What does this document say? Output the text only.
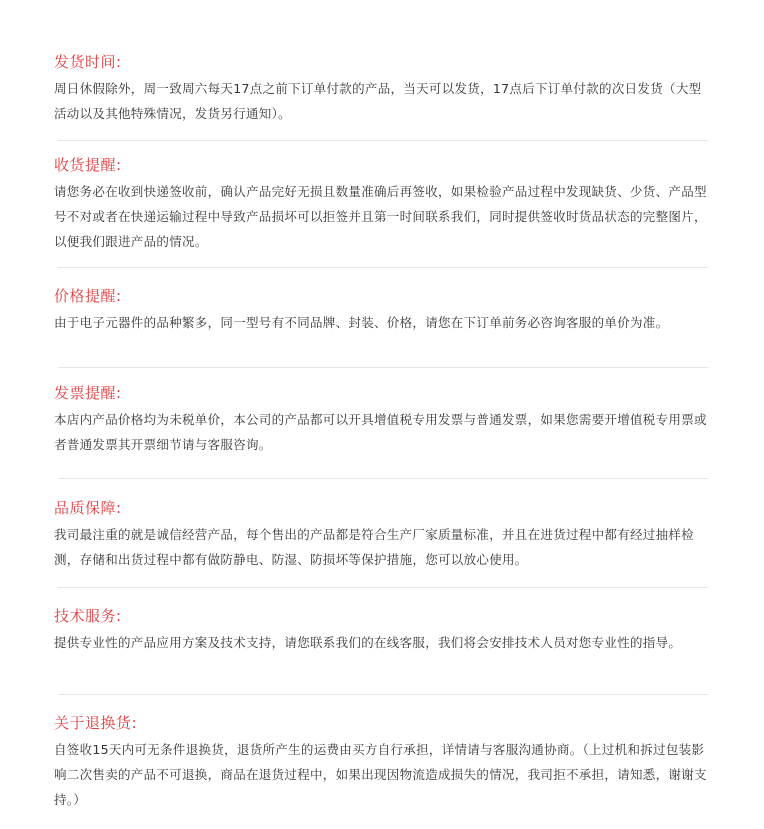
发货时间:

周日休假除外，周一致周六每天17点之前下订单付款的产品，当天可以发货，17点后下订单付款的次日发货（大型活动以及其他特殊情况，发货另行通知）。

收货提醒:

请您务必在收到快递签收前，确认产品完好无损且数量准确后再签收，如果检验产品过程中发现缺货、少货、产品型号不对或者在快递运输过程中导致产品损坏可以拒签并且第一时间联系我们，同时提供签收时货品状态的完整图片，以便我们跟进产品的情况。

价格提醒:

由于电子元器件的品种繁多，同一型号有不同品牌、封装、价格，请您在下订单前务必咨询客服的单价为准。

发票提醒:

本店内产品价格均为未税单价，本公司的产品都可以开具增值税专用发票与普通发票，如果您需要开增值税专用票或者普通发票其开票细节请与客服咨询。

品质保障:

我司最注重的就是诚信经营产品，每个售出的产品都是符合生产厂家质量标准，并且在进货过程中都有经过抽样检测，存储和出货过程中都有做防静电、防湿、防损坏等保护措施，您可以放心使用。

技术服务:

提供专业性的产品应用方案及技术支持，请您联系我们的在线客服，我们将会安排技术人员对您专业性的指导。

关于退换货:

自签收15天内可无条件退换货，退货所产生的运费由买方自行承担，详情请与客服沟通协商。（上过机和拆过包装影响二次售卖的产品不可退换，商品在退货过程中，如果出现因物流造成损失的情况，我司拒不承担，请知悉，谢谢支持。）
